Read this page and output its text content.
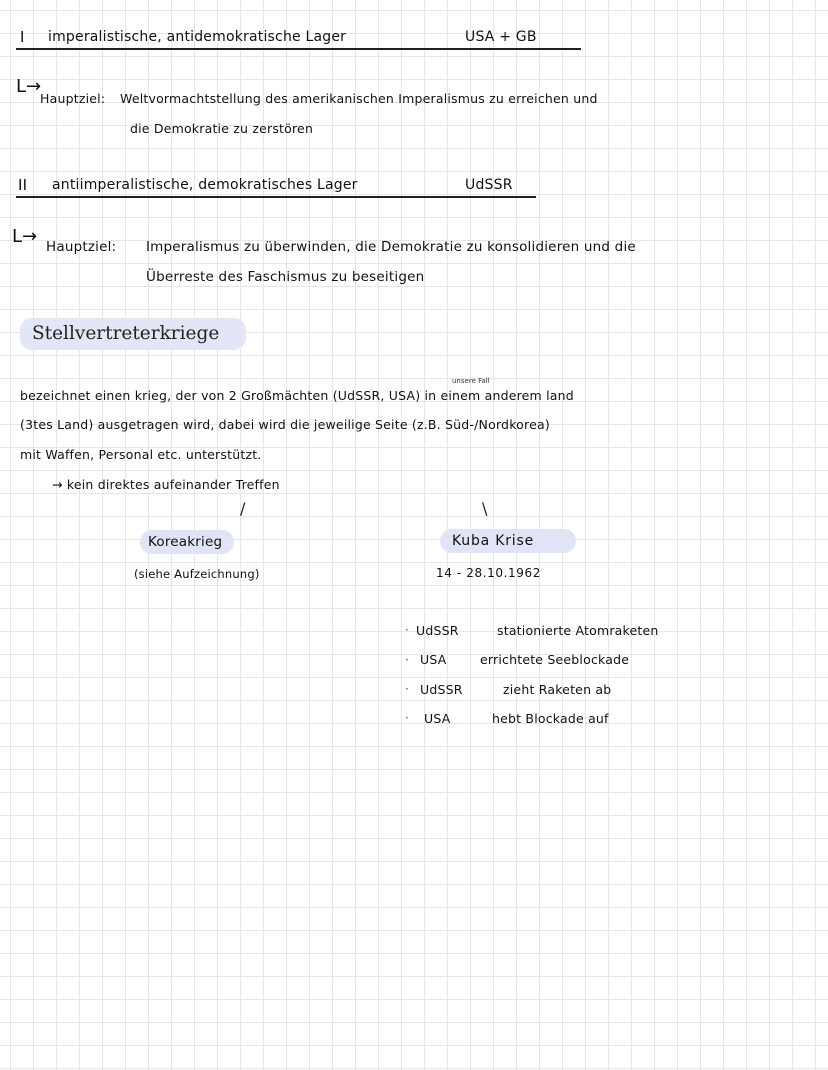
I imperalistische, antidemokratische Lager	USA + GB
L→
Hauptziel: Weltvormachtstellung des amerikanischen Imperalismus zu erreichen und
die Demokratie zu zerstören
II antiimperalistische, demokratisches Lager	UdSSR
L→ Hauptziel: Imperalismus zu überwinden, die Demokratie zu konsolidieren und die
Überreste des Faschismus zu beseitigen
Stellvertreterkriege
unsere Fall
bezeichnet einen krieg, der von 2 Großmächten (UdSSR, USA) in einem anderem land
(3tes Land) ausgetragen wird, dabei wird die jeweilige Seite (z.B. Süd-/Nordkorea)
mit Waffen, Personal etc. unterstützt.
→ kein direktes aufeinander Treffen
/	\
Koreakrieg
(siehe Aufzeichnung)
Kuba Krise
14 - 28.10.1962
· UdSSR	stationierte Atomraketen
· USA	errichtete Seeblockade
· UdSSR	zieht Raketen ab
· USA	hebt Blockade auf
